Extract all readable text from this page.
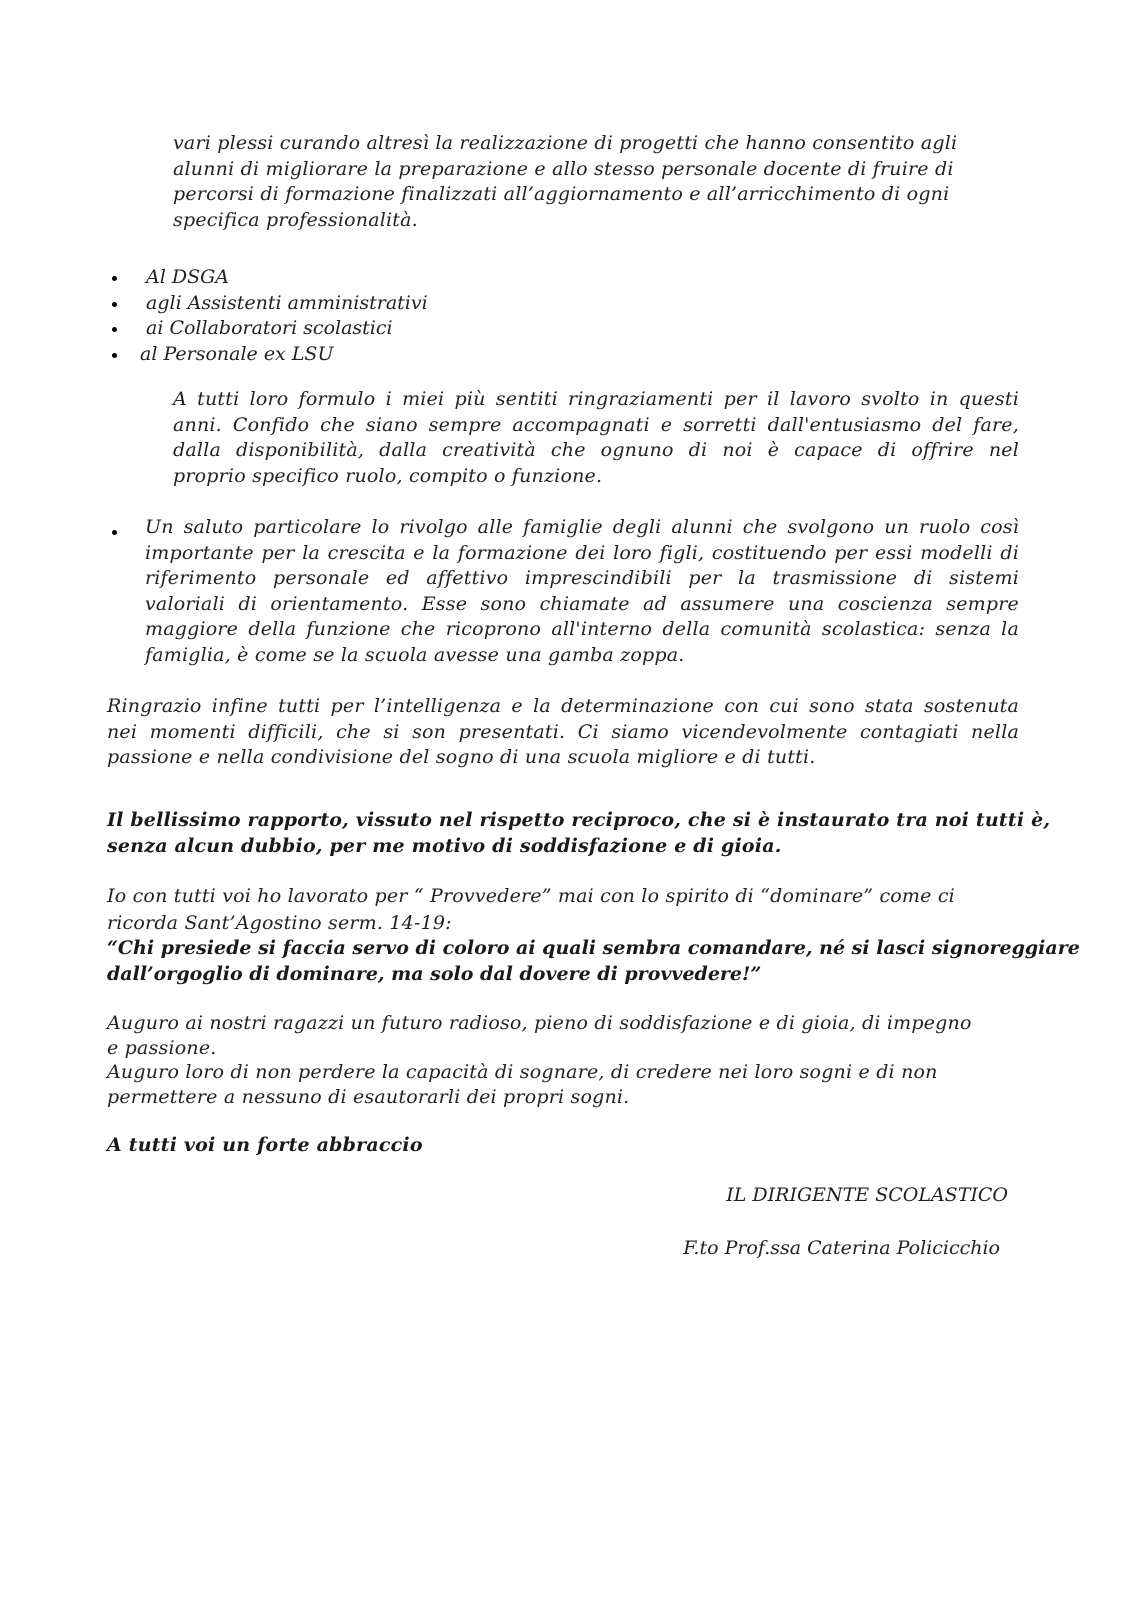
vari plessi curando altresì la realizzazione di progetti che hanno consentito agli
alunni di migliorare la preparazione e allo stesso personale docente di fruire di
percorsi di formazione finalizzati all’aggiornamento e all’arricchimento di ogni
specifica professionalità.
Al DSGA
agli Assistenti amministrativi
ai Collaboratori scolastici
al Personale ex LSU
A tutti loro formulo i miei più sentiti ringraziamenti per il lavoro svolto in questi
anni. Confido che siano sempre accompagnati e sorretti dall'entusiasmo del fare,
dalla disponibilità, dalla creatività che ognuno di noi è capace di offrire nel
proprio specifico ruolo, compito o funzione.
Un saluto particolare lo rivolgo alle famiglie degli alunni che svolgono un ruolo così
importante per la crescita e la formazione dei loro figli, costituendo per essi modelli di
riferimento personale ed affettivo imprescindibili per la trasmissione di sistemi
valoriali di orientamento. Esse sono chiamate ad assumere una coscienza sempre
maggiore della funzione che ricoprono all'interno della comunità scolastica: senza la
famiglia, è come se la scuola avesse una gamba zoppa.
Ringrazio infine tutti per l’intelligenza e la determinazione con cui sono stata sostenuta
nei momenti difficili, che si son presentati. Ci siamo vicendevolmente contagiati nella
passione e nella condivisione del sogno di una scuola migliore e di tutti.
Il bellissimo rapporto, vissuto nel rispetto reciproco, che si è instaurato tra noi tutti è,
senza alcun dubbio, per me motivo di soddisfazione e di gioia.
Io con tutti voi ho lavorato per “ Provvedere” mai con lo spirito di “dominare” come ci
ricorda Sant’Agostino serm. 14-19:
“Chi presiede si faccia servo di coloro ai quali sembra comandare, né si lasci signoreggiare
dall’orgoglio di dominare, ma solo dal dovere di provvedere!”
Auguro ai nostri ragazzi un futuro radioso, pieno di soddisfazione e di gioia, di impegno
e passione.
Auguro loro di non perdere la capacità di sognare, di credere nei loro sogni e di non
permettere a nessuno di esautorarli dei propri sogni.
A tutti voi un forte abbraccio
IL DIRIGENTE SCOLASTICO
F.to Prof.ssa Caterina Policicchio
